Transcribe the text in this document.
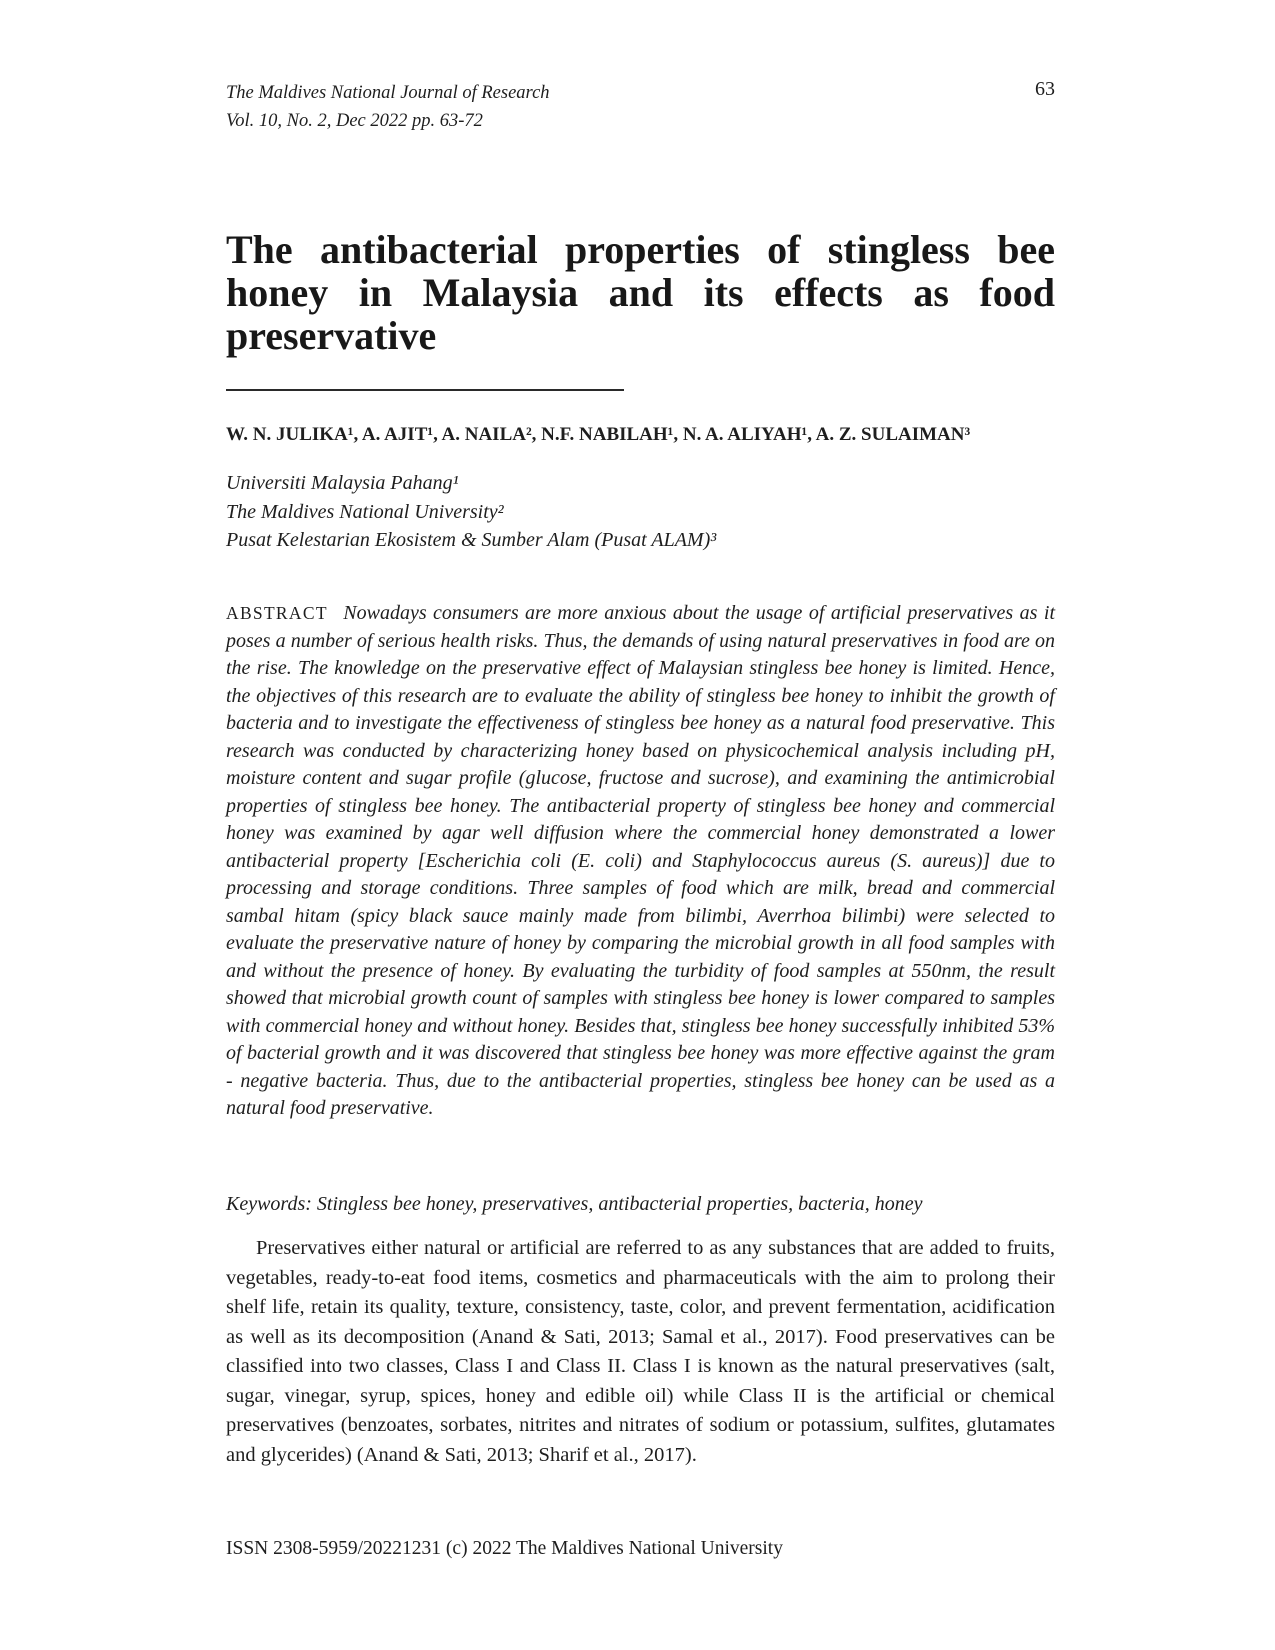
The Maldives National Journal of Research
Vol. 10, No. 2, Dec 2022 pp. 63-72
63
The antibacterial properties of stingless bee
honey in Malaysia and its effects as food
preservative
W. N. JULIKA¹, A. AJIT¹, A. NAILA², N.F. NABILAH¹, N. A. ALIYAH¹, A. Z. SULAIMAN³
Universiti Malaysia Pahang¹
The Maldives National University²
Pusat Kelestarian Ekosistem & Sumber Alam (Pusat ALAM)³

ABSTRACT Nowadays consumers are more anxious about the usage of artificial preservatives as it poses a number of serious health risks. Thus, the demands of using natural preservatives in food are on the rise. The knowledge on the preservative effect of Malaysian stingless bee honey is limited. Hence, the objectives of this research are to evaluate the ability of stingless bee honey to inhibit the growth of bacteria and to investigate the effectiveness of stingless bee honey as a natural food preservative. This research was conducted by characterizing honey based on physicochemical analysis including pH, moisture content and sugar profile (glucose, fructose and sucrose), and examining the antimicrobial properties of stingless bee honey. The antibacterial property of stingless bee honey and commercial honey was examined by agar well diffusion where the commercial honey demonstrated a lower antibacterial property [Escherichia coli (E. coli) and Staphylococcus aureus (S. aureus)] due to processing and storage conditions. Three samples of food which are milk, bread and commercial sambal hitam (spicy black sauce mainly made from bilimbi, Averrhoa bilimbi) were selected to evaluate the preservative nature of honey by comparing the microbial growth in all food samples with and without the presence of honey. By evaluating the turbidity of food samples at 550nm, the result showed that microbial growth count of samples with stingless bee honey is lower compared to samples with commercial honey and without honey. Besides that, stingless bee honey successfully inhibited 53% of bacterial growth and it was discovered that stingless bee honey was more effective against the gram - negative bacteria. Thus, due to the antibacterial properties, stingless bee honey can be used as a natural food preservative.

Keywords: Stingless bee honey, preservatives, antibacterial properties, bacteria, honey

Preservatives either natural or artificial are referred to as any substances that are added to fruits, vegetables, ready-to-eat food items, cosmetics and pharmaceuticals with the aim to prolong their shelf life, retain its quality, texture, consistency, taste, color, and prevent fermentation, acidification as well as its decomposition (Anand & Sati, 2013; Samal et al., 2017). Food preservatives can be classified into two classes, Class I and Class II. Class I is known as the natural preservatives (salt, sugar, vinegar, syrup, spices, honey and edible oil) while Class II is the artificial or chemical preservatives (benzoates, sorbates, nitrites and nitrates of sodium or potassium, sulfites, glutamates and glycerides) (Anand & Sati, 2013; Sharif et al., 2017).

ISSN 2308-5959/20221231 (c) 2022 The Maldives National University
